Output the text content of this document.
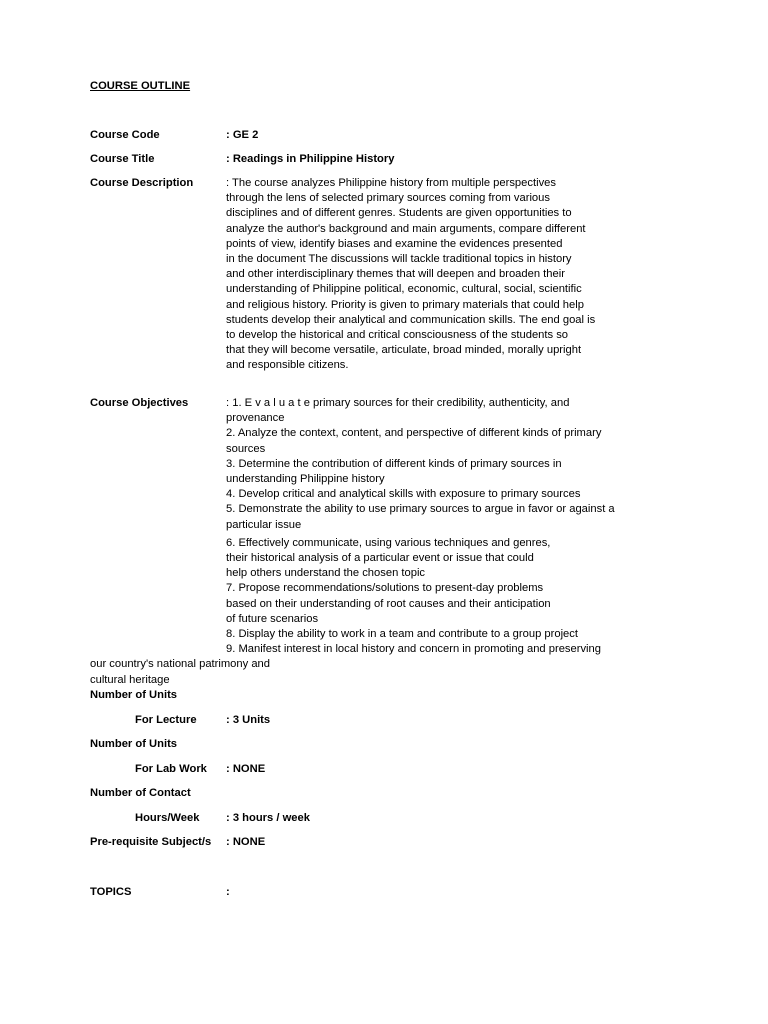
COURSE OUTLINE
Course Code	: GE 2
Course Title	: Readings in Philippine History
Course Description	: The course analyzes Philippine history from multiple perspectives
through the lens of selected primary sources coming from various
disciplines and of different genres. Students are given opportunities to
analyze the author's background and main arguments, compare different
points of view, identify biases and examine the evidences presented
in the document The discussions will tackle traditional topics in history
and other interdisciplinary themes that will deepen and broaden their
understanding of Philippine political, economic, cultural, social, scientific
and religious history. Priority is given to primary materials that could help
students develop their analytical and communication skills. The end goal is
to develop the historical and critical consciousness of the students so
that they will become versatile, articulate, broad minded, morally upright
and responsible citizens.
Course Objectives	: 1. E v a l u a t e primary sources for their credibility, authenticity, and
provenance
2. Analyze the context, content, and perspective of different kinds of primary
sources
3. Determine the contribution of different kinds of primary sources in
understanding Philippine history
4. Develop critical and analytical skills with exposure to primary sources
5. Demonstrate the ability to use primary sources to argue in favor or against a
particular issue
6. Effectively communicate, using various techniques and genres,
their historical analysis of a particular event or issue that could
help others understand the chosen topic
7. Propose recommendations/solutions to present-day problems
based on their understanding of root causes and their anticipation
of future scenarios
8. Display the ability to work in a team and contribute to a group project
9. Manifest interest in local history and concern in promoting and preserving
our country's national patrimony and
cultural heritage
Number of Units
For Lecture	: 3 Units
Number of Units
For Lab Work : NONE
Number of Contact
Hours/Week : 3 hours / week
Pre-requisite Subject/s : NONE
TOPICS	:
